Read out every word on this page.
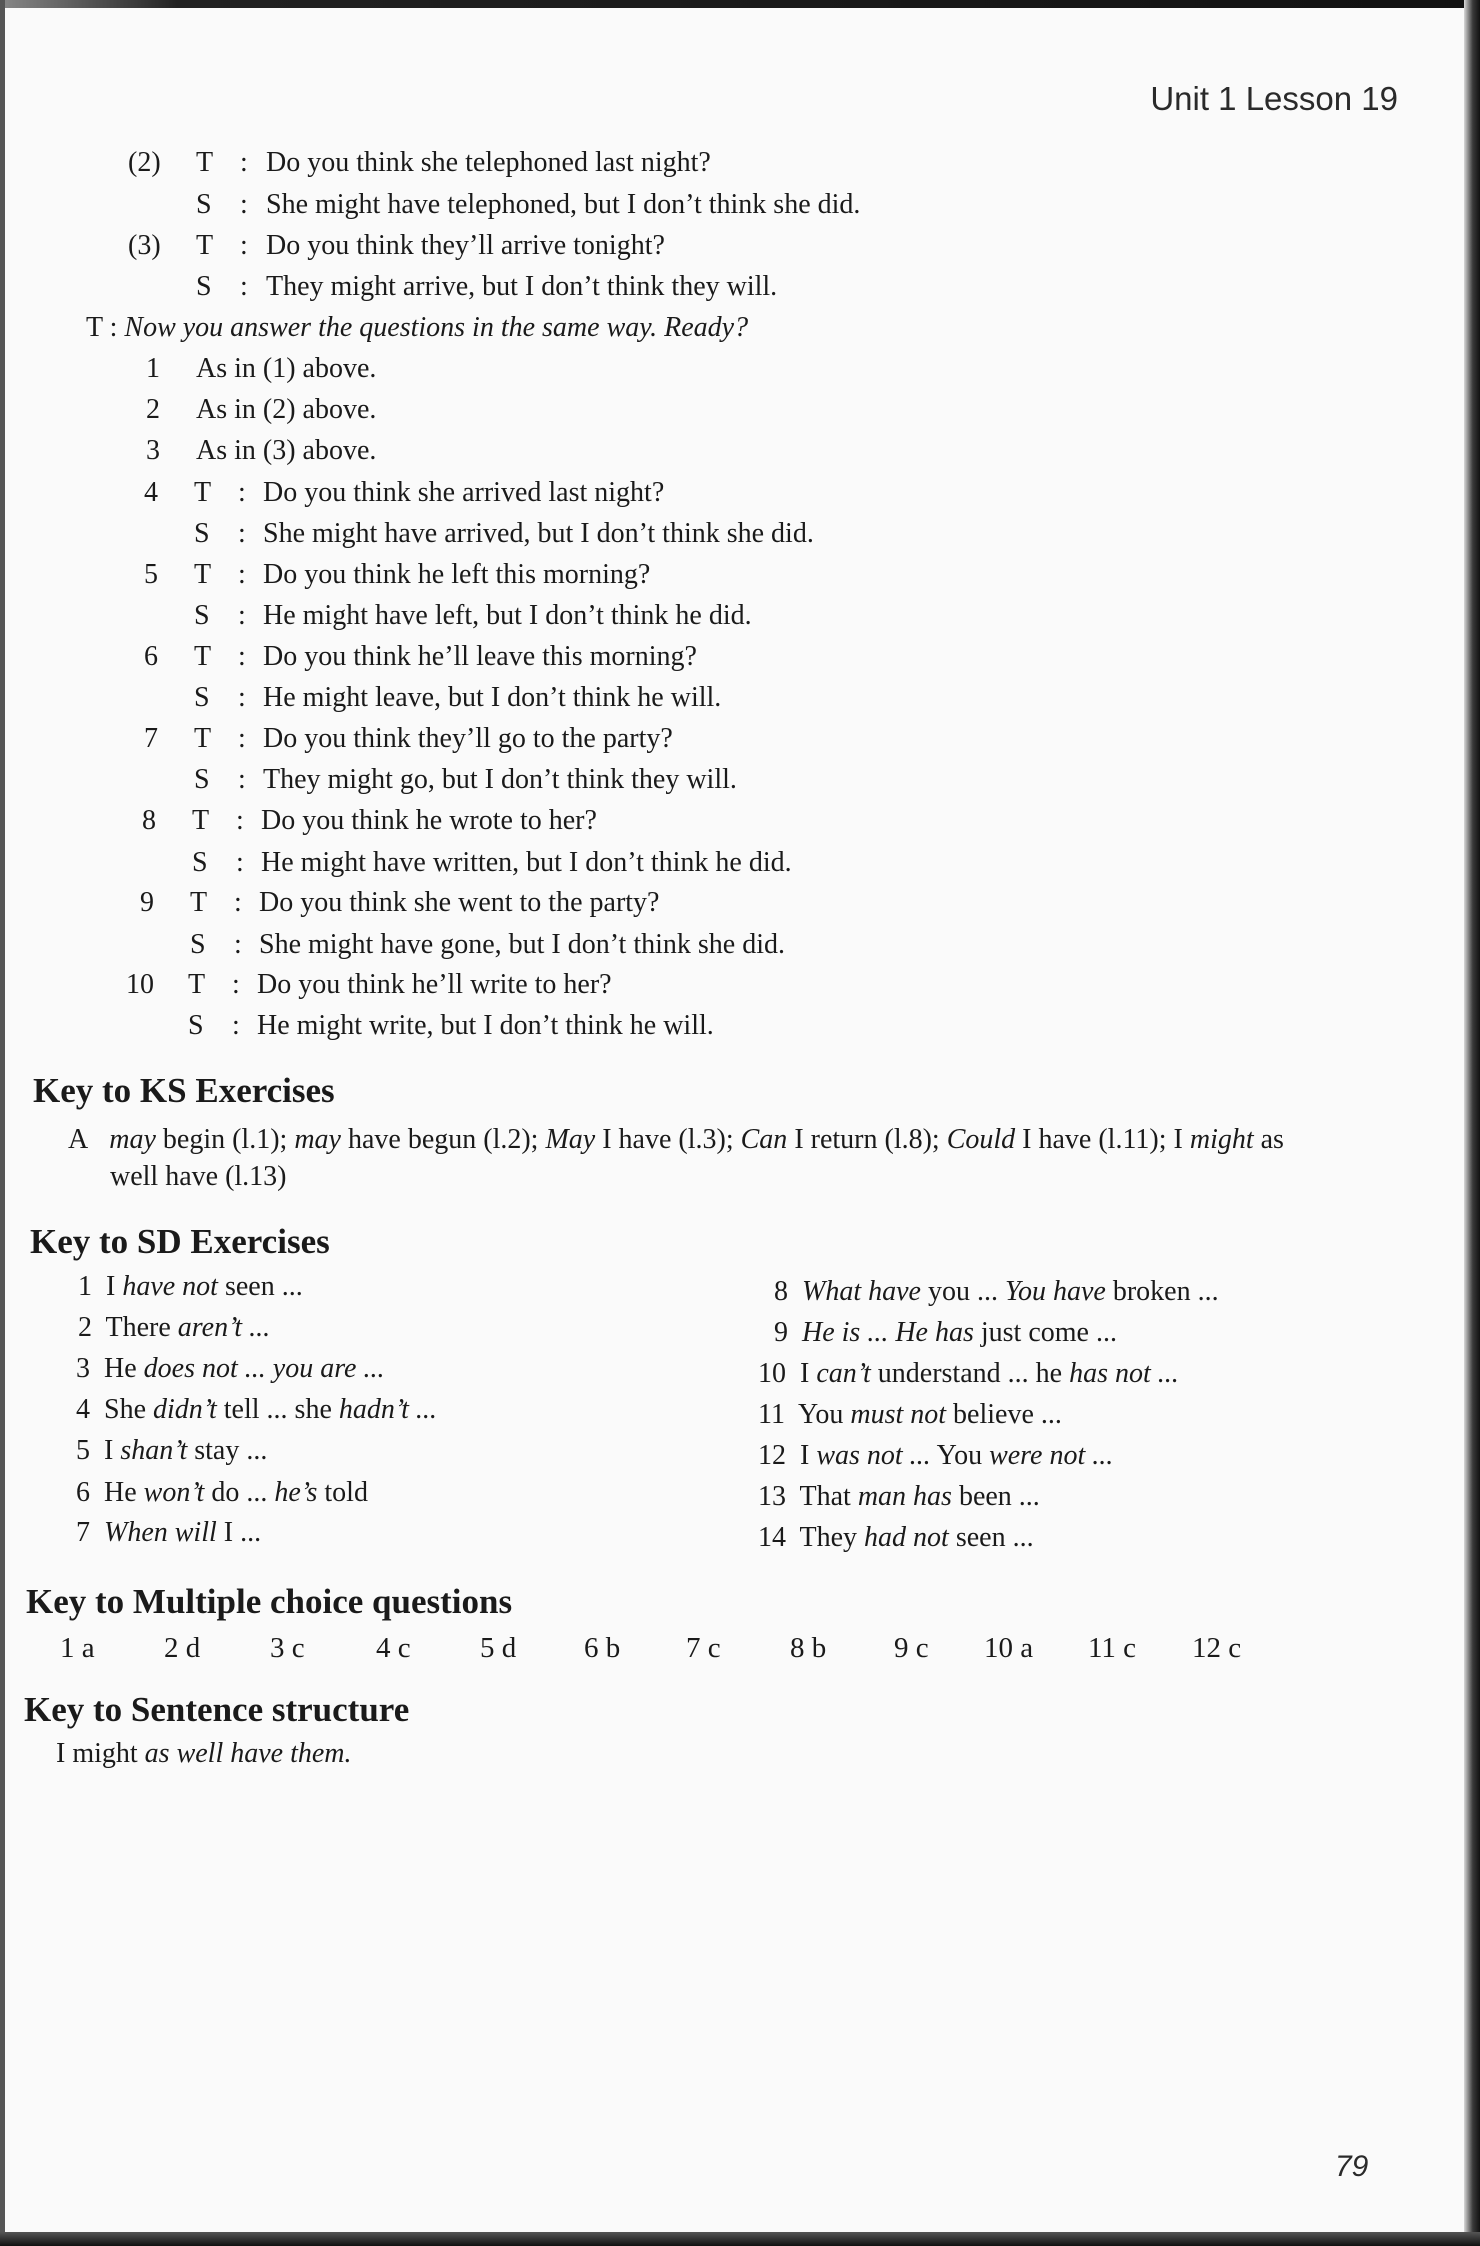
Unit 1 Lesson 19
(2) T : Do you think she telephoned last night?
S : She might have telephoned, but I don’t think she did.
(3) T : Do you think they’ll arrive tonight?
S : They might arrive, but I don’t think they will.
T : Now you answer the questions in the same way. Ready?
1 As in (1) above.
2 As in (2) above.
3 As in (3) above.
4 T : Do you think she arrived last night?
S : She might have arrived, but I don’t think she did.
5 T : Do you think he left this morning?
S : He might have left, but I don’t think he did.
6 T : Do you think he’ll leave this morning?
S : He might leave, but I don’t think he will.
7 T : Do you think they’ll go to the party?
S : They might go, but I don’t think they will.
8 T : Do you think he wrote to her?
S : He might have written, but I don’t think he did.
9 T : Do you think she went to the party?
S : She might have gone, but I don’t think she did.
10 T : Do you think he’ll write to her?
S : He might write, but I don’t think he will.
Key to KS Exercises
A may begin (l.1); may have begun (l.2); May I have (l.3); Can I return (l.8); Could I have (l.11); I might as
well have (l.13)
Key to SD Exercises
1 I have not seen ...
2 There aren’t ...
3 He does not ... you are ...
4 She didn’t tell ... she hadn’t ...
5 I shan’t stay ...
6 He won’t do ... he’s told
7 When will I ...
8 What have you ... You have broken ...
9 He is ... He has just come ...
10 I can’t understand ... he has not ...
11 You must not believe ...
12 I was not ... You were not ...
13 That man has been ...
14 They had not seen ...
Key to Multiple choice questions
1 a 2 d 3 c 4 c 5 d 6 b 7 c 8 b 9 c 10 a 11 c 12 c
Key to Sentence structure
I might as well have them.
79
